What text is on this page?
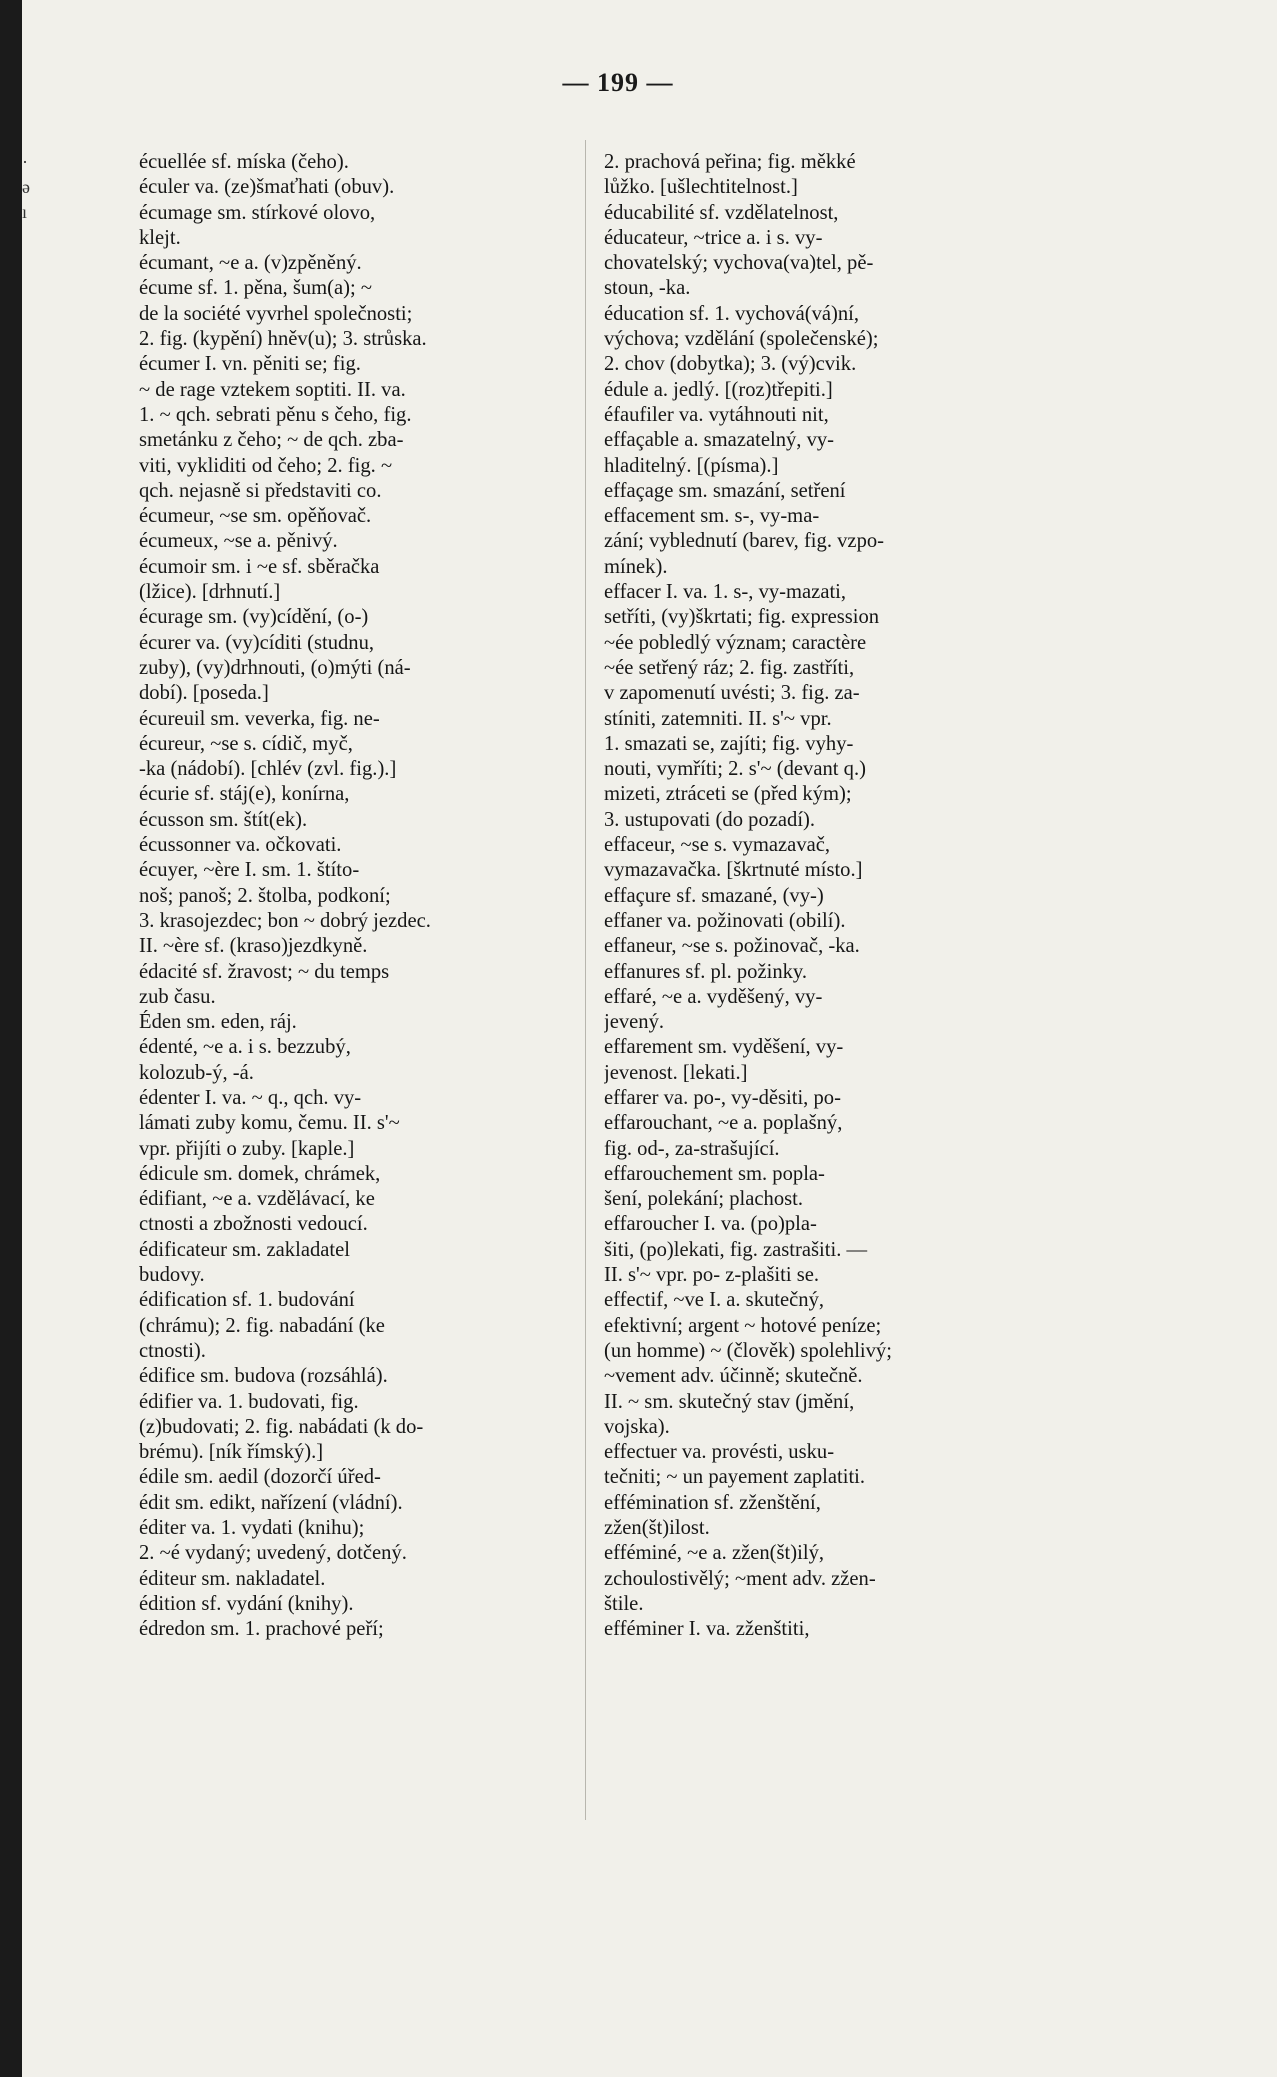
— 199 —
·
ǝ
ı
écuellée sf. míska (čeho).
éculer va. (ze)šmaťhati (obuv).
écumage sm. stírkové olovo,
klejt.
écumant, ~e a. (v)zpěněný.
écume sf. 1. pěna, šum(a); ~
de la société vyvrhel společnosti;
2. fig. (kypění) hněv(u); 3. strůska.
écumer I. vn. pěniti se; fig.
~ de rage vztekem soptiti. II. va.
1. ~ qch. sebrati pěnu s čeho, fig.
smetánku z čeho; ~ de qch. zba-
viti, vykliditi od čeho; 2. fig. ~
qch. nejasně si představiti co.
écumeur, ~se sm. opěňovač.
écumeux, ~se a. pěnivý.
écumoir sm. i ~e sf. sběračka
(lžice). [drhnutí.]
écurage sm. (vy)cídění, (o-)
écurer va. (vy)cíditi (studnu,
zuby), (vy)drhnouti, (o)mýti (ná-
dobí). [poseda.]
écureuil sm. veverka, fig. ne-
écureur, ~se s. cídič, myč,
-ka (nádobí). [chlév (zvl. fig.).]
écurie sf. stáj(e), konírna,
écusson sm. štít(ek).
écussonner va. očkovati.
écuyer, ~ère I. sm. 1. štíto-
noš; panoš; 2. štolba, podkoní;
3. krasojezdec; bon ~ dobrý jezdec.
II. ~ère sf. (kraso)jezdkyně.
édacité sf. žravost; ~ du temps
zub času.
Éden sm. eden, ráj.
édenté, ~e a. i s. bezzubý,
kolozub-ý, -á.
édenter I. va. ~ q., qch. vy-
lámati zuby komu, čemu. II. s'~
vpr. přijíti o zuby. [kaple.]
édicule sm. domek, chrámek,
édifiant, ~e a. vzdělávací, ke
ctnosti a zbožnosti vedoucí.
édificateur sm. zakladatel
budovy.
édification sf. 1. budování
(chrámu); 2. fig. nabadání (ke
ctnosti).
édifice sm. budova (rozsáhlá).
édifier va. 1. budovati, fig.
(z)budovati; 2. fig. nabádati (k do-
brému). [ník římský).]
édile sm. aedil (dozorčí úřed-
édit sm. edikt, nařízení (vládní).
éditer va. 1. vydati (knihu);
2. ~é vydaný; uvedený, dotčený.
éditeur sm. nakladatel.
édition sf. vydání (knihy).
édredon sm. 1. prachové peří;
2. prachová peřina; fig. měkké
lůžko. [ušlechtitelnost.]
éducabilité sf. vzdělatelnost,
éducateur, ~trice a. i s. vy-
chovatelský; vychova(va)tel, pě-
stoun, -ka.
éducation sf. 1. vychová(vá)ní,
výchova; vzdělání (společenské);
2. chov (dobytka); 3. (vý)cvik.
édule a. jedlý. [(roz)třepiti.]
éfaufiler va. vytáhnouti nit,
effaçable a. smazatelný, vy-
hladitelný. [(písma).]
effaçage sm. smazání, setření
effacement sm. s-, vy-ma-
zání; vyblednutí (barev, fig. vzpo-
mínek).
effacer I. va. 1. s-, vy-mazati,
setříti, (vy)škrtati; fig. expression
~ée pobledlý význam; caractère
~ée setřený ráz; 2. fig. zastříti,
v zapomenutí uvésti; 3. fig. za-
stíniti, zatemniti. II. s'~ vpr.
1. smazati se, zajíti; fig. vyhy-
nouti, vymříti; 2. s'~ (devant q.)
mizeti, ztráceti se (před kým);
3. ustupovati (do pozadí).
effaceur, ~se s. vymazavač,
vymazavačka. [škrtnuté místo.]
effaçure sf. smazané, (vy-)
effaner va. požinovati (obilí).
effaneur, ~se s. požinovač, -ka.
effanures sf. pl. požinky.
effaré, ~e a. vyděšený, vy-
jevený.
effarement sm. vyděšení, vy-
jevenost. [lekati.]
effarer va. po-, vy-děsiti, po-
effarouchant, ~e a. poplašný,
fig. od-, za-strašující.
effarouchement sm. popla-
šení, polekání; plachost.
effaroucher I. va. (po)pla-
šiti, (po)lekati, fig. zastrašiti. —
II. s'~ vpr. po- z-plašiti se.
effectif, ~ve I. a. skutečný,
efektivní; argent ~ hotové peníze;
(un homme) ~ (člověk) spolehlivý;
~vement adv. účinně; skutečně.
II. ~ sm. skutečný stav (jmění,
vojska).
effectuer va. provésti, usku-
tečniti; ~ un payement zaplatiti.
effémination sf. zženštění,
zžen(št)ilost.
efféminé, ~e a. zžen(št)ilý,
zchoulostivělý; ~ment adv. zžen-
štile.
efféminer I. va. zženštiti,
